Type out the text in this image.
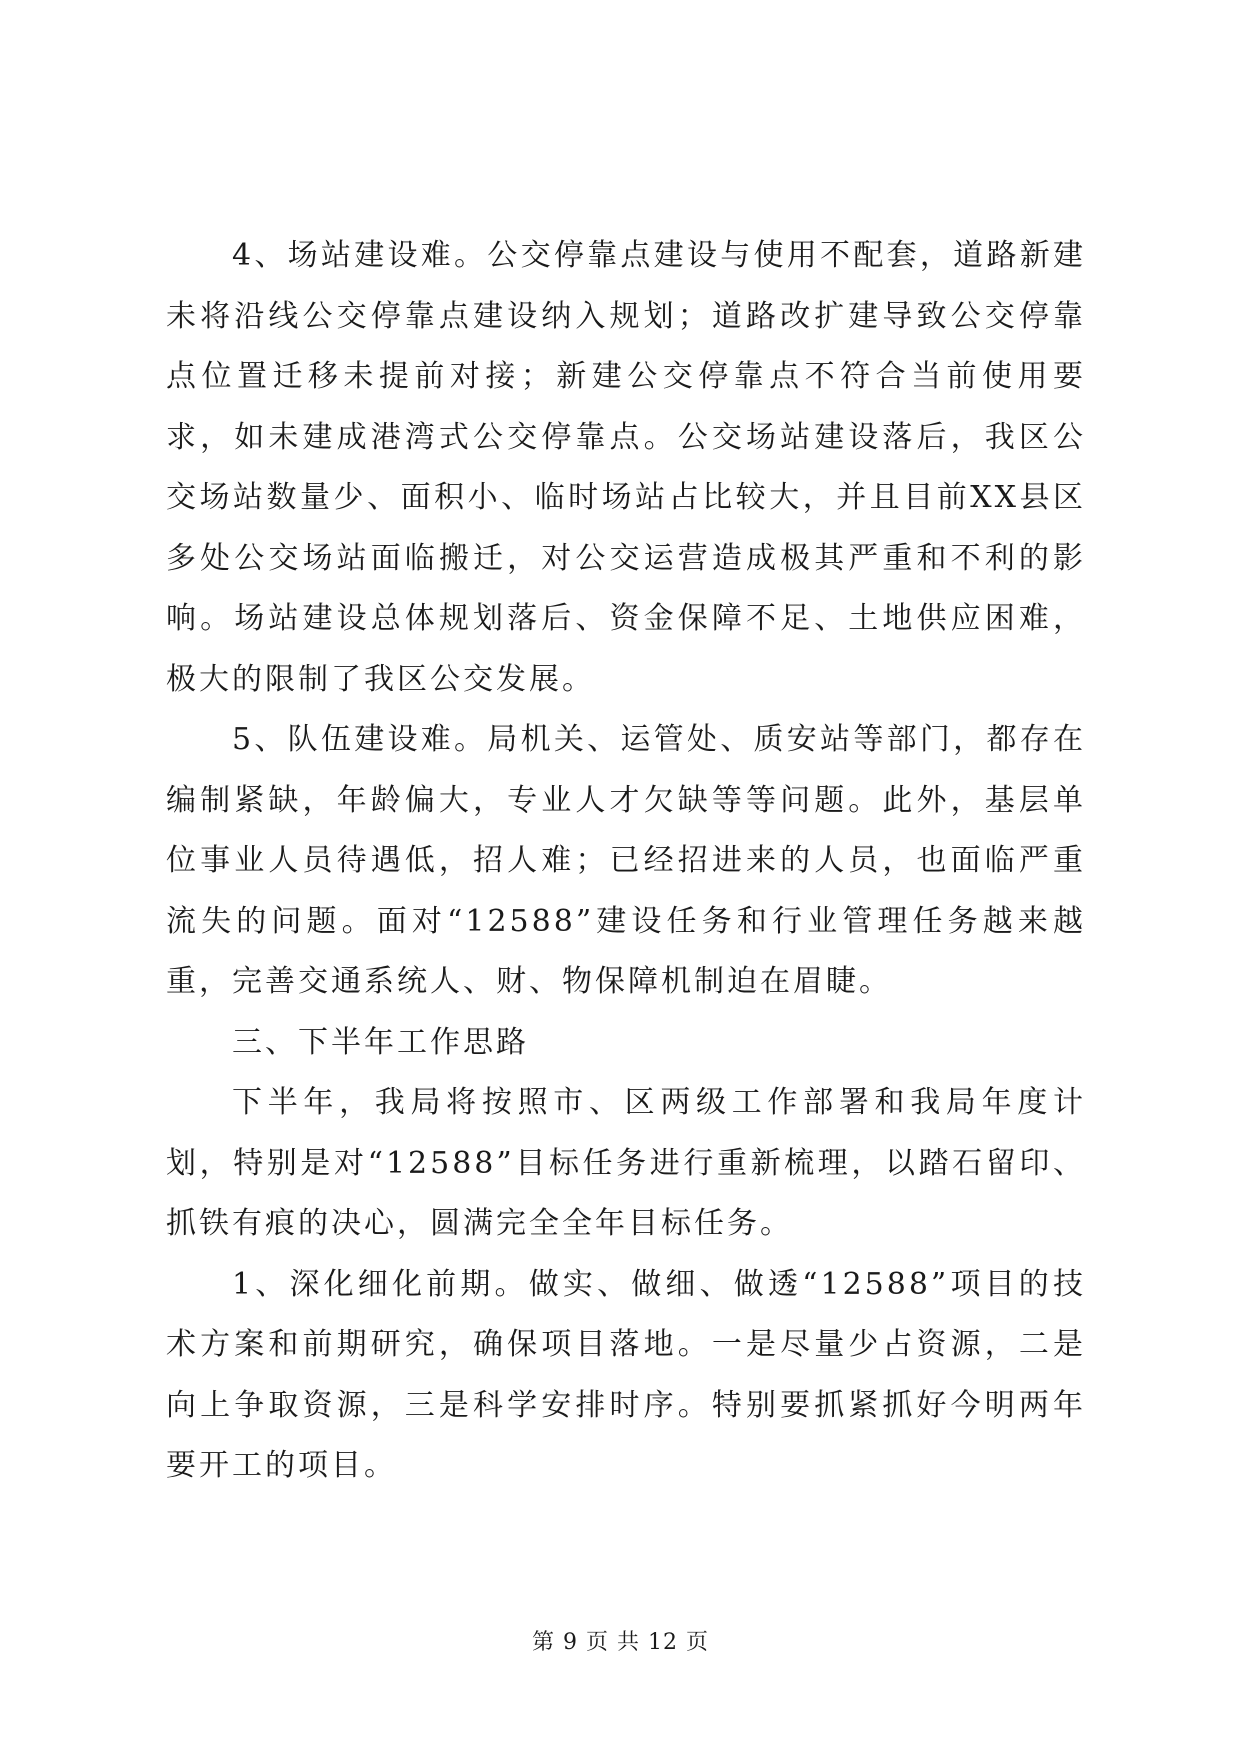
4、场站建设难。公交停靠点建设与使用不配套，道路新建未将沿线公交停靠点建设纳入规划；道路改扩建导致公交停靠点位置迁移未提前对接；新建公交停靠点不符合当前使用要求，如未建成港湾式公交停靠点。公交场站建设落后，我区公交场站数量少、面积小、临时场站占比较大，并且目前XX县区多处公交场站面临搬迁，对公交运营造成极其严重和不利的影响。场站建设总体规划落后、资金保障不足、土地供应困难，极大的限制了我区公交发展。

5、队伍建设难。局机关、运管处、质安站等部门，都存在编制紧缺，年龄偏大，专业人才欠缺等等问题。此外，基层单位事业人员待遇低，招人难；已经招进来的人员，也面临严重流失的问题。面对“12588”建设任务和行业管理任务越来越重，完善交通系统人、财、物保障机制迫在眉睫。

三、下半年工作思路

下半年，我局将按照市、区两级工作部署和我局年度计划，特别是对“12588”目标任务进行重新梳理，以踏石留印、抓铁有痕的决心，圆满完全全年目标任务。

1、深化细化前期。做实、做细、做透“12588”项目的技术方案和前期研究，确保项目落地。一是尽量少占资源，二是向上争取资源，三是科学安排时序。特别要抓紧抓好今明两年要开工的项目。

第 9 页 共 12 页
